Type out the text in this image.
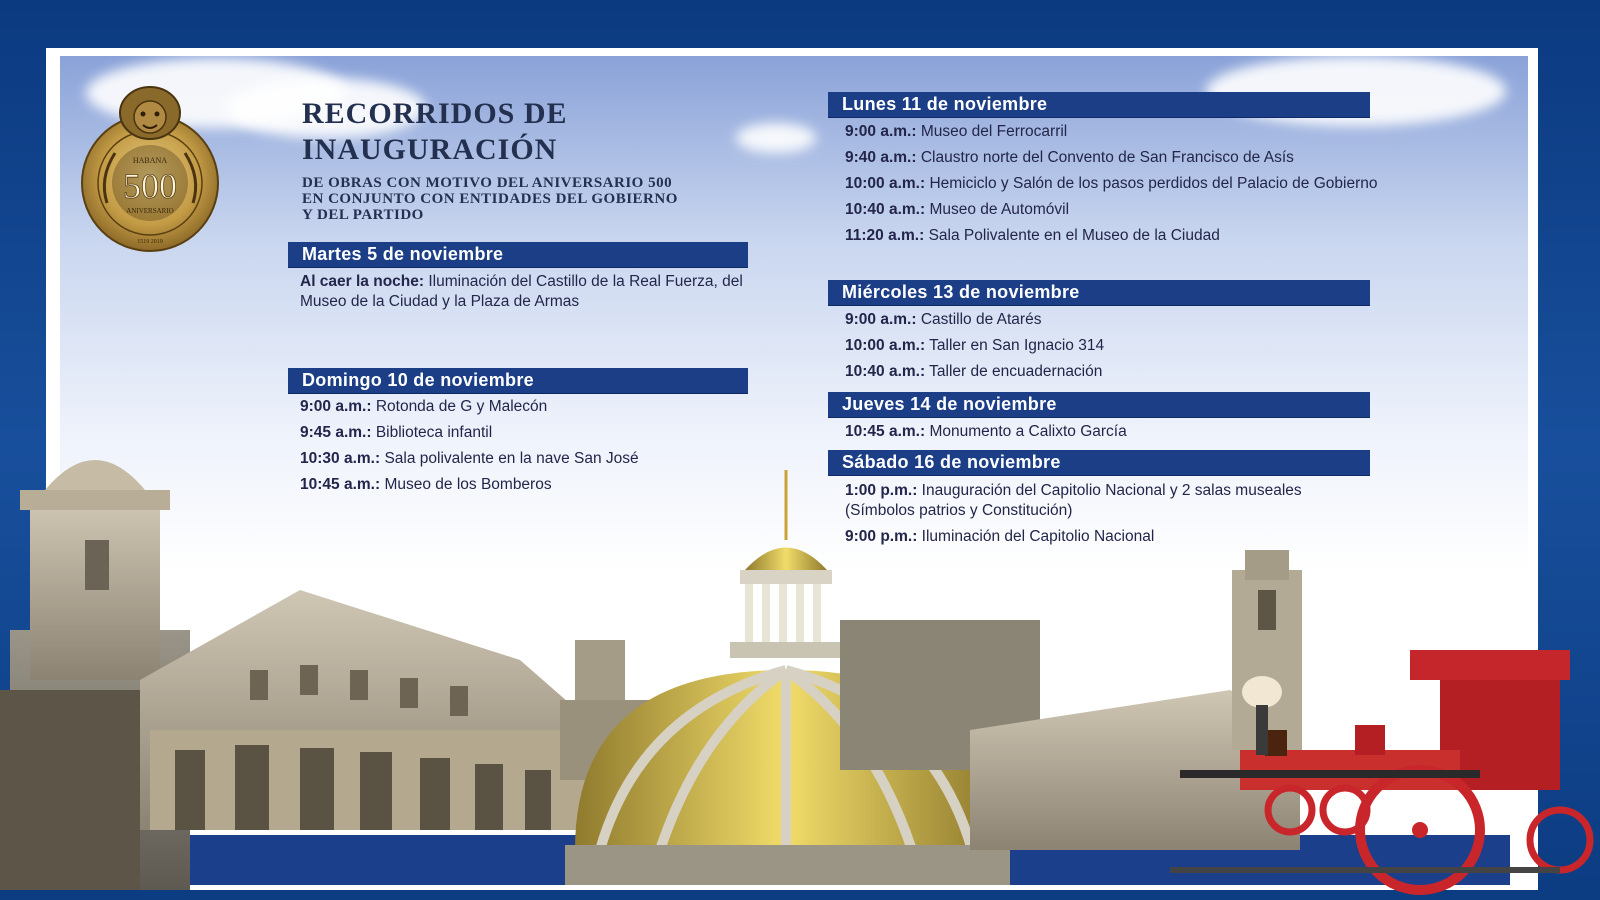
HABANA
500
ANIVERSARIO
1519 2019
RECORRIDOS DE
INAUGURACIÓN
DE OBRAS CON MOTIVO DEL ANIVERSARIO 500
EN CONJUNTO CON ENTIDADES DEL GOBIERNO
Y DEL PARTIDO
Martes 5 de noviembre
Al caer la noche: Iluminación del Castillo de la Real Fuerza, del Museo de la Ciudad y la Plaza de Armas
Domingo 10 de noviembre
9:00 a.m.: Rotonda de G y Malecón
9:45 a.m.: Biblioteca infantil
10:30 a.m.: Sala polivalente en la nave San José
10:45 a.m.: Museo de los Bomberos
Lunes 11 de noviembre
9:00 a.m.: Museo del Ferrocarril
9:40 a.m.: Claustro norte del Convento de San Francisco de Asís
10:00 a.m.: Hemiciclo y Salón de los pasos perdidos del Palacio de Gobierno
10:40 a.m.: Museo de Automóvil
11:20 a.m.: Sala Polivalente en el Museo de la Ciudad
Miércoles 13 de noviembre
9:00 a.m.: Castillo de Atarés
10:00 a.m.: Taller en San Ignacio 314
10:40 a.m.: Taller de encuadernación
Jueves 14 de noviembre
10:45 a.m.: Monumento a Calixto García
Sábado 16 de noviembre
1:00 p.m.: Inauguración del Capitolio Nacional y 2 salas museales (Símbolos patrios y Constitución)
9:00 p.m.: Iluminación del Capitolio Nacional
